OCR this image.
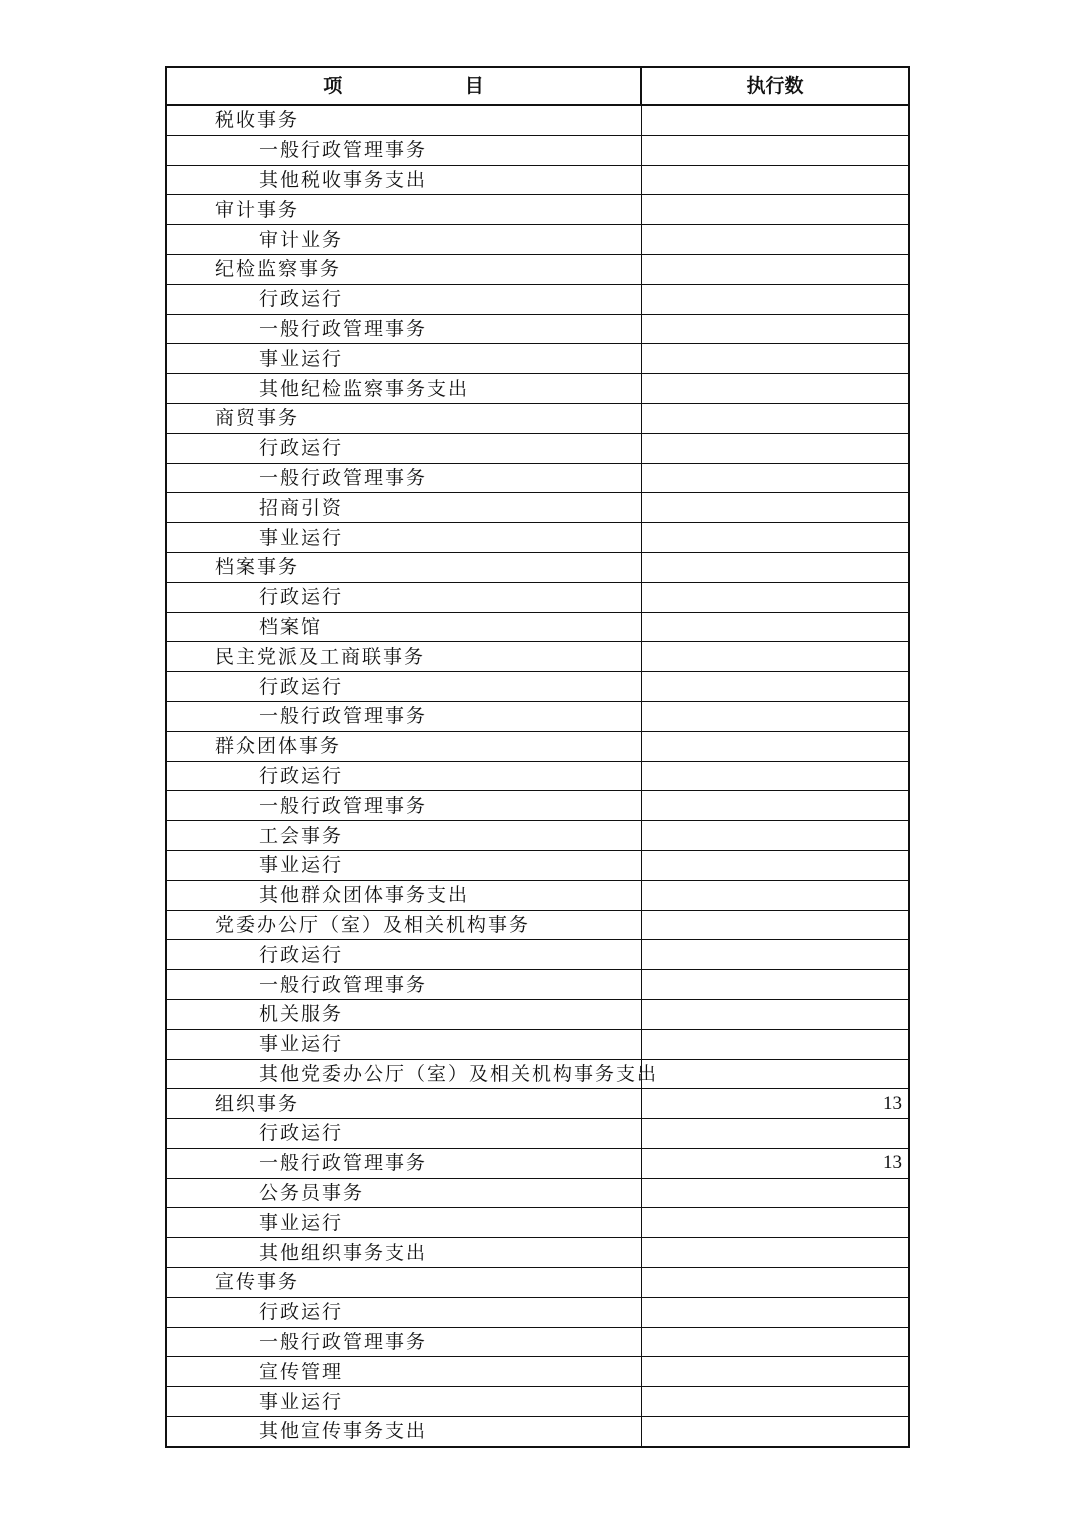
项 目	执行数
税收事务	
一般行政管理事务	
其他税收事务支出	
审计事务	
审计业务	
纪检监察事务	
行政运行	
一般行政管理事务	
事业运行	
其他纪检监察事务支出	
商贸事务	
行政运行	
一般行政管理事务	
招商引资	
事业运行	
档案事务	
行政运行	
档案馆	
民主党派及工商联事务	
行政运行	
一般行政管理事务	
群众团体事务	
行政运行	
一般行政管理事务	
工会事务	
事业运行	
其他群众团体事务支出	
党委办公厅（室）及相关机构事务	
行政运行	
一般行政管理事务	
机关服务	
事业运行	
其他党委办公厅（室）及相关机构事务支出	
组织事务	13
行政运行	
一般行政管理事务	13
公务员事务	
事业运行	
其他组织事务支出	
宣传事务	
行政运行	
一般行政管理事务	
宣传管理	
事业运行	
其他宣传事务支出	
